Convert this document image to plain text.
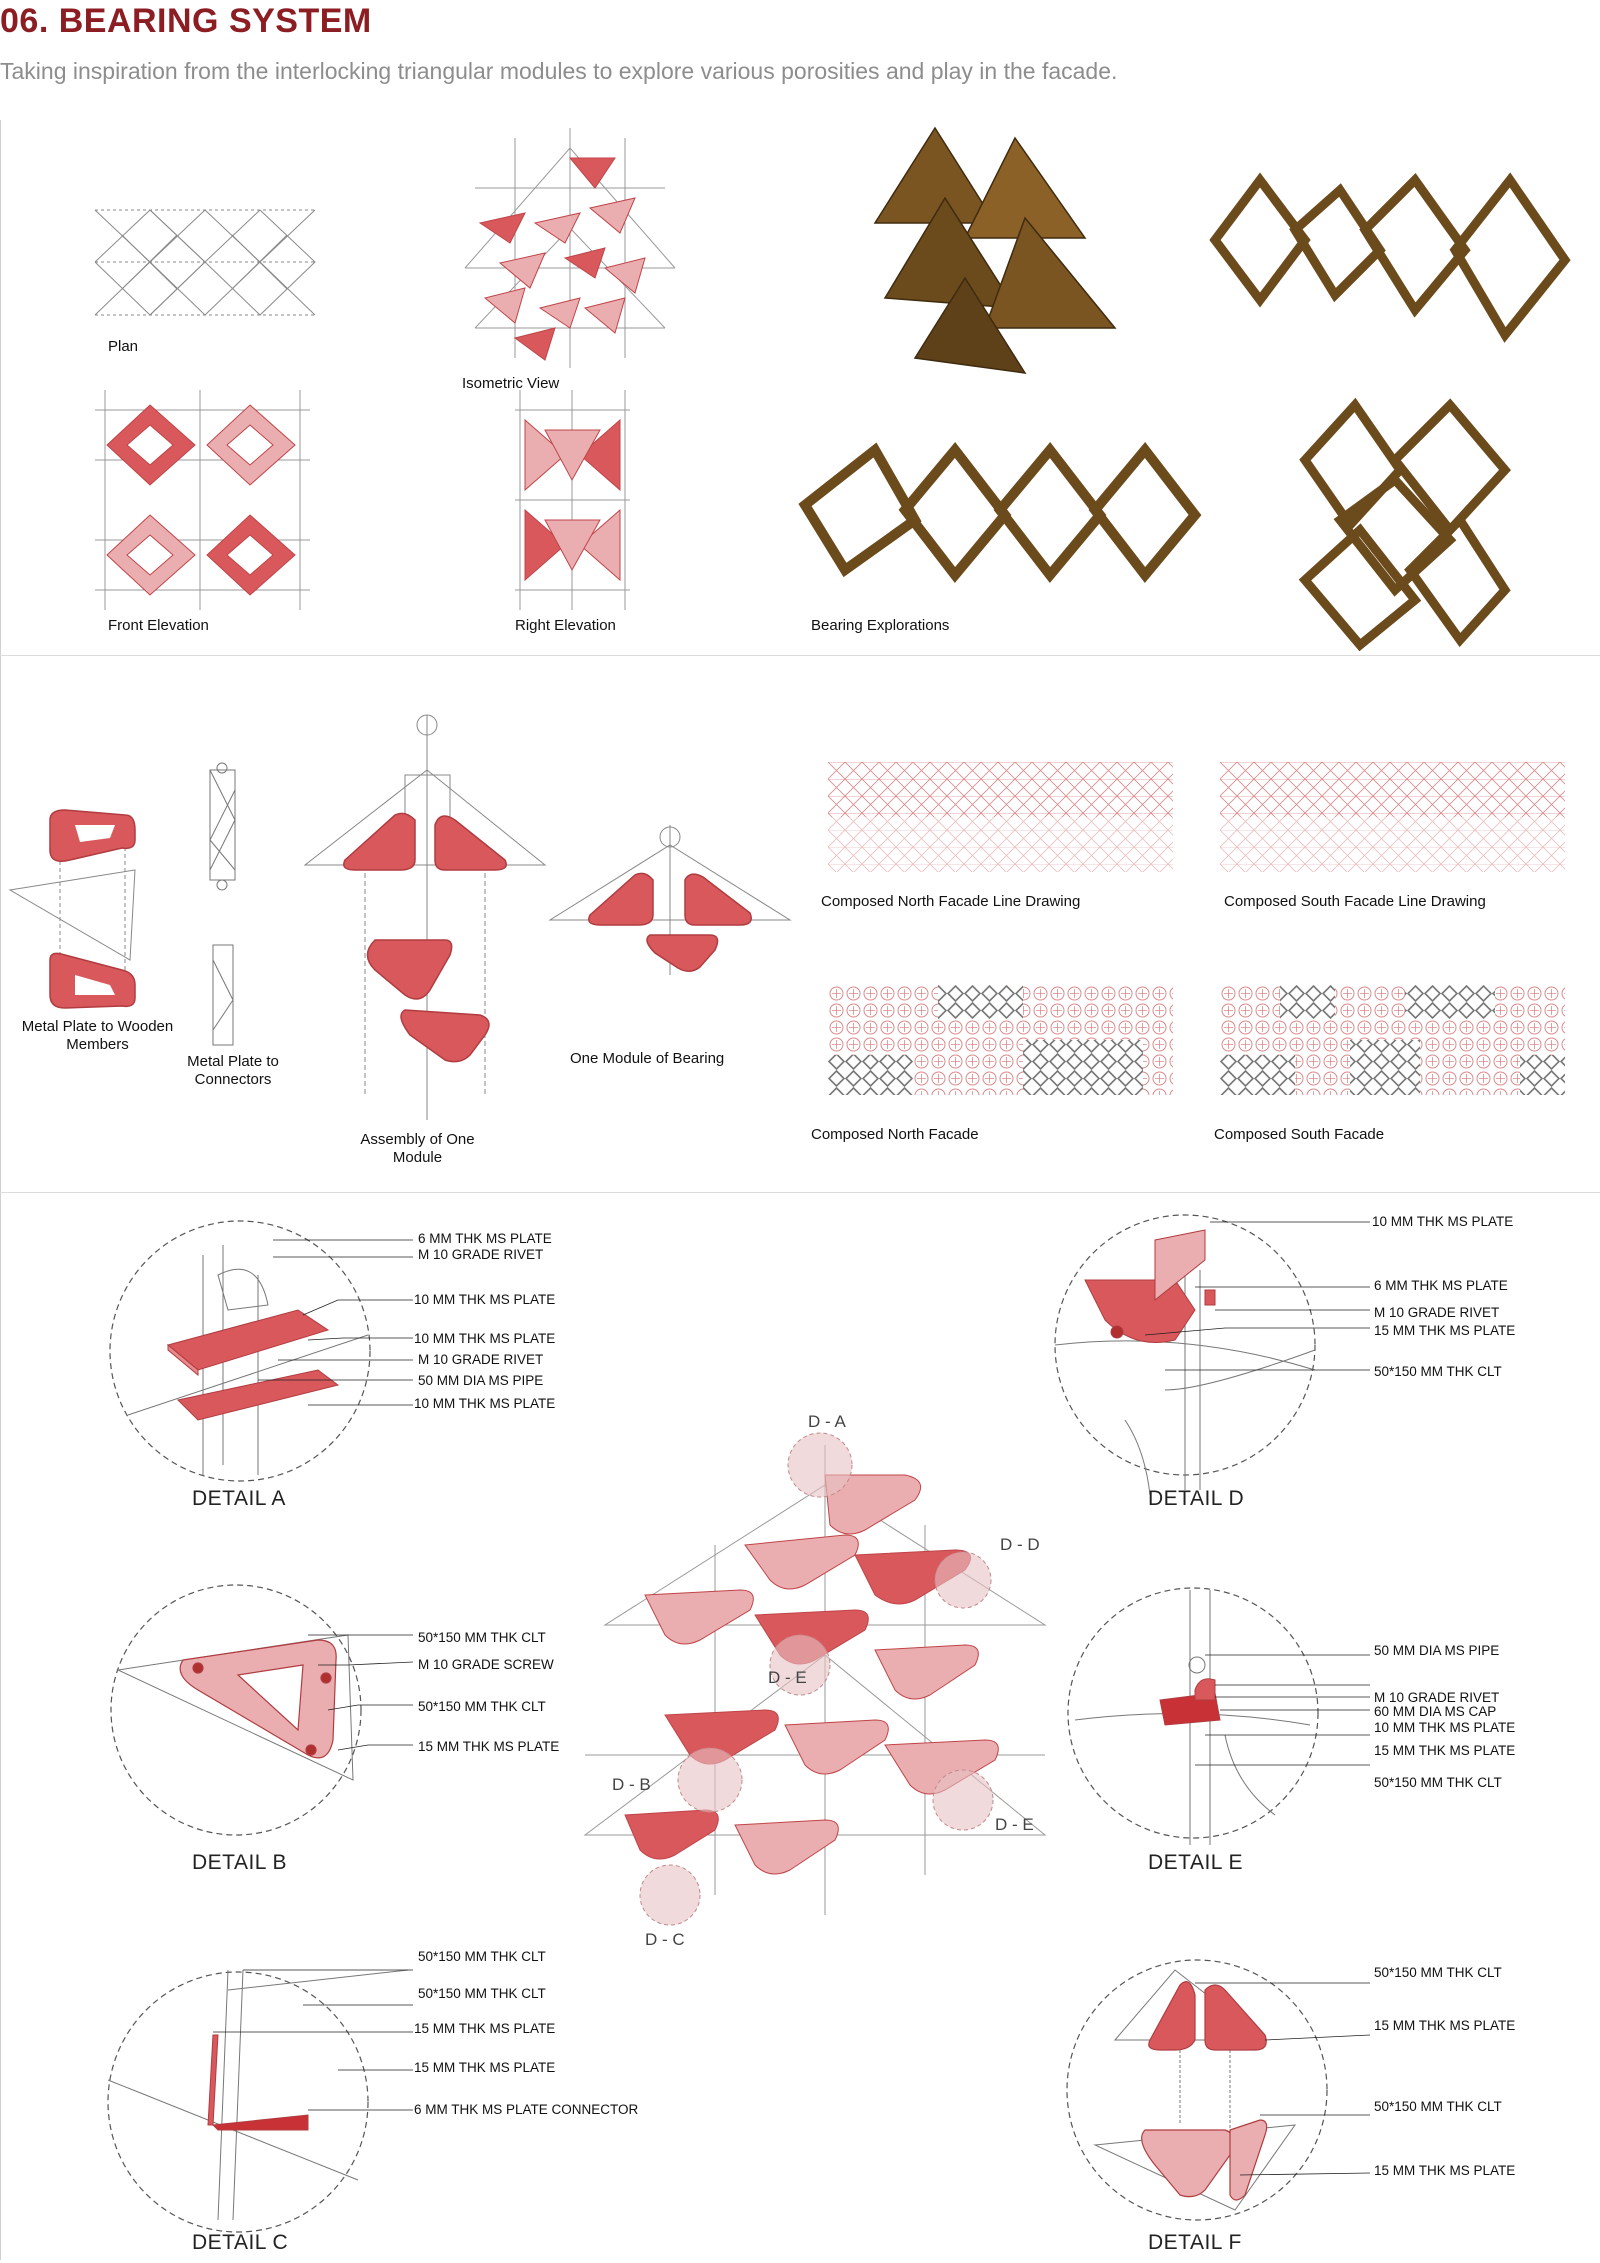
06. BEARING SYSTEM
Taking inspiration from the interlocking triangular modules to explore various porosities and play in the facade.
Plan
Isometric View
Front Elevation	Right Elevation	Bearing Explorations
Metal Plate to Wooden Members
Metal Plate to Connectors
Assembly of One Module
One Module of Bearing
Composed North Facade Line Drawing	Composed South Facade Line Drawing
Composed North Facade	Composed South Facade
6 MM THK MS PLATE
M 10 GRADE RIVET
10 MM THK MS PLATE
10 MM THK MS PLATE
M 10 GRADE RIVET
50 MM DIA MS PIPE
10 MM THK MS PLATE
DETAIL A
10 MM THK MS PLATE
6 MM THK MS PLATE
M 10 GRADE RIVET
15 MM THK MS PLATE
50*150 MM THK CLT
DETAIL D
50*150 MM THK CLT
M 10 GRADE SCREW
50*150 MM THK CLT
15 MM THK MS PLATE
DETAIL B
D - A
D - D
D - E
D - B
D - E
D - C
50 MM DIA MS PIPE
M 10 GRADE RIVET
60 MM DIA MS CAP
10 MM THK MS PLATE
15 MM THK MS PLATE
50*150 MM THK CLT
DETAIL E
50*150 MM THK CLT
50*150 MM THK CLT
15 MM THK MS PLATE
15 MM THK MS PLATE
6 MM THK MS PLATE CONNECTOR
DETAIL C
50*150 MM THK CLT
15 MM THK MS PLATE
50*150 MM THK CLT
15 MM THK MS PLATE
DETAIL F
